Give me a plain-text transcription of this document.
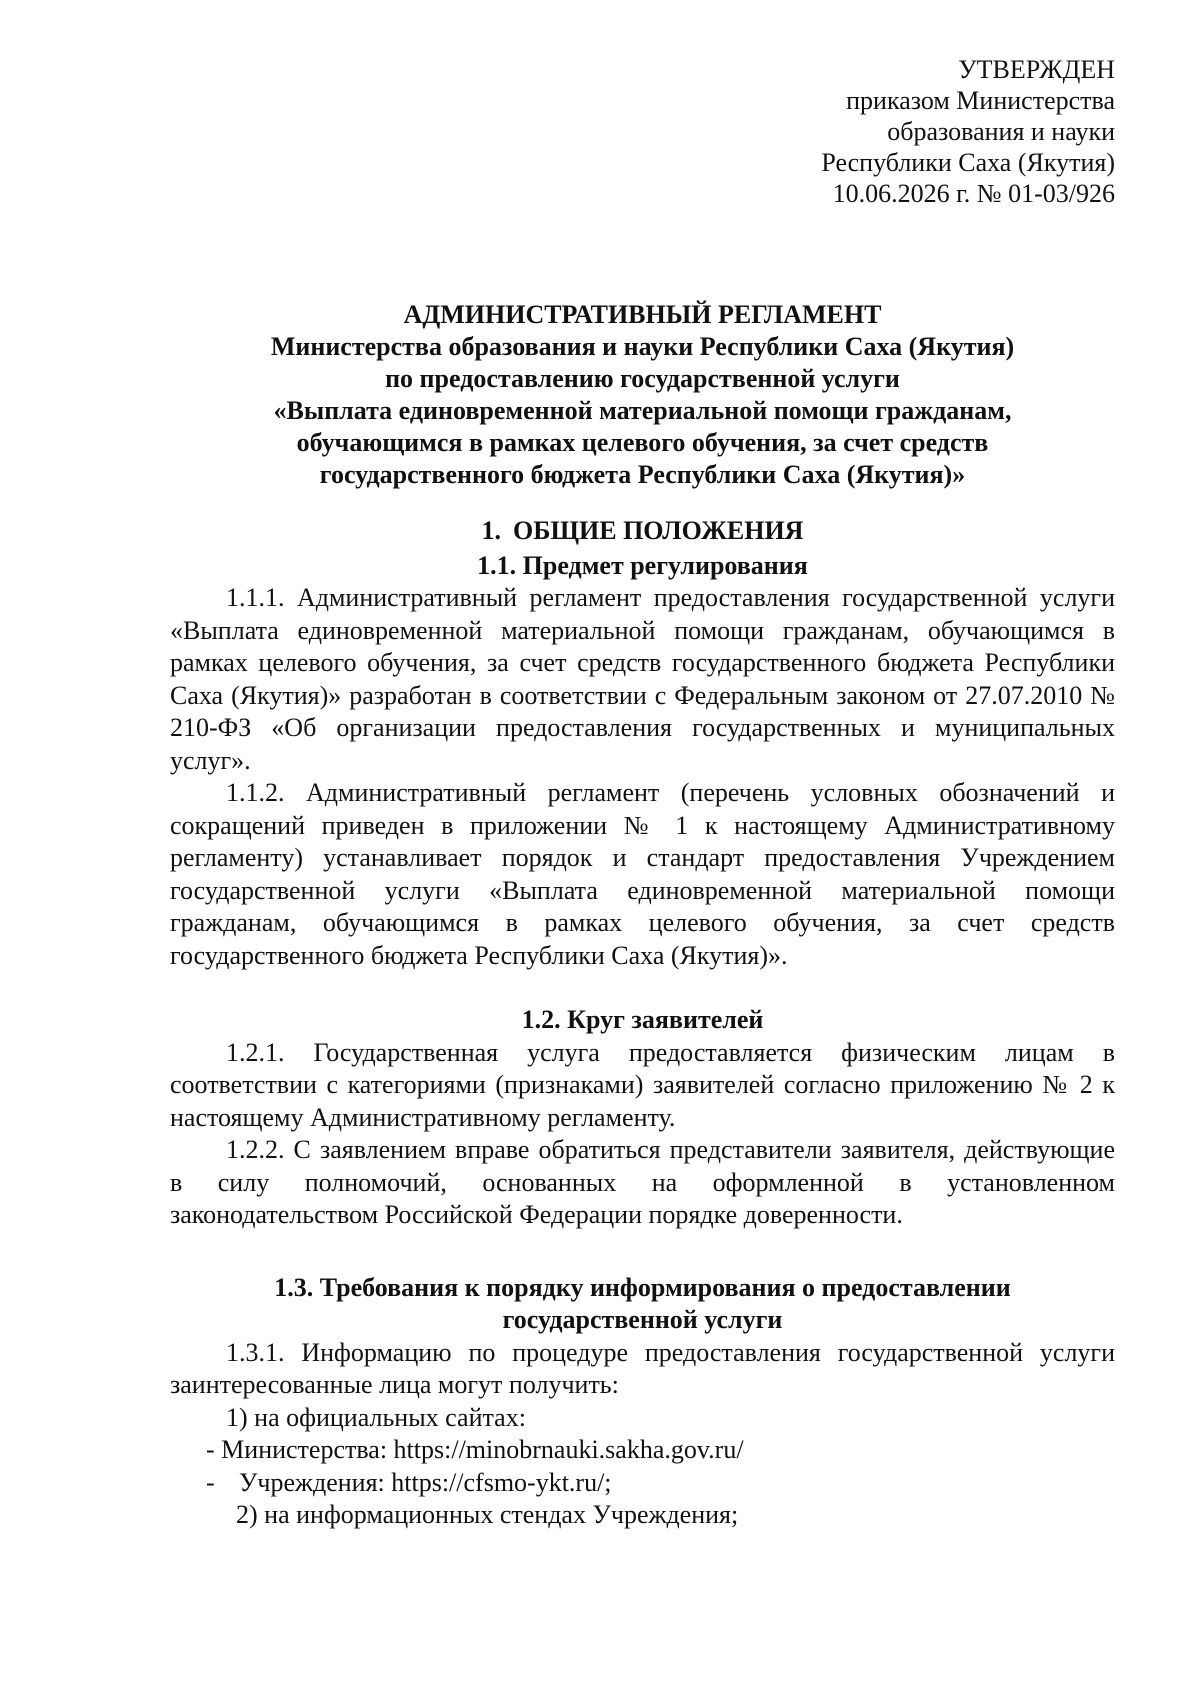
УТВЕРЖДЕН
приказом Министерства
образования и науки
Республики Саха (Якутия)
10.06.2026 г. № 01-03/926
АДМИНИСТРАТИВНЫЙ РЕГЛАМЕНТ
Министерства образования и науки Республики Саха (Якутия)
по предоставлению государственной услуги
«Выплата единовременной материальной помощи гражданам,
обучающимся в рамках целевого обучения, за счет средств
государственного бюджета Республики Саха (Якутия)»
1. ОБЩИЕ ПОЛОЖЕНИЯ
1.1. Предмет регулирования

1.1.1. Административный регламент предоставления государственной услуги «Выплата единовременной материальной помощи гражданам, обучающимся в рамках целевого обучения, за счет средств государственного бюджета Республики Саха (Якутия)» разработан в соответствии с Федеральным законом от 27.07.2010 № 210-ФЗ «Об организации предоставления государственных и муниципальных услуг».

1.1.2. Административный регламент (перечень условных обозначений и сокращений приведен в приложении № 1 к настоящему Административному регламенту) устанавливает порядок и стандарт предоставления Учреждением государственной услуги «Выплата единовременной материальной помощи гражданам, обучающимся в рамках целевого обучения, за счет средств государственного бюджета Республики Саха (Якутия)».

1.2. Круг заявителей

1.2.1. Государственная услуга предоставляется физическим лицам в соответствии с категориями (признаками) заявителей согласно приложению № 2 к настоящему Административному регламенту.

1.2.2. С заявлением вправе обратиться представители заявителя, действующие в силу полномочий, основанных на оформленной в установленном законодательством Российской Федерации порядке доверенности.

1.3. Требования к порядку информирования о предоставлении
государственной услуги

1.3.1. Информацию по процедуре предоставления государственной услуги заинтересованные лица могут получить:

1) на официальных сайтах:

- Министерства: https://minobrnauki.sakha.gov.ru/

- Учреждения: https://cfsmo-ykt.ru/;

2) на информационных стендах Учреждения;
